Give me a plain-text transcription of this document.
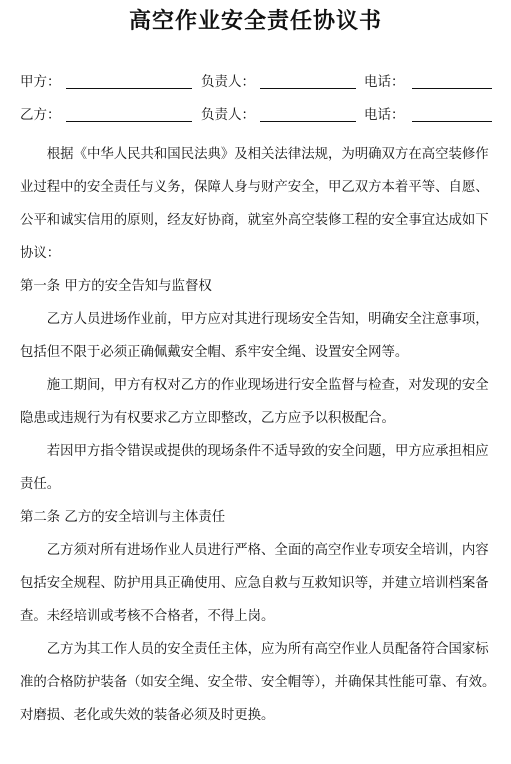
高空作业安全责任协议书
甲方：	负责人：	电话：
乙方：	负责人：	电话：

根据《中华人民共和国民法典》及相关法律法规，为明确双方在高空装修作业过程中的安全责任与义务，保障人身与财产安全，甲乙双方本着平等、自愿、公平和诚实信用的原则，经友好协商，就室外高空装修工程的安全事宜达成如下协议：

第一条 甲方的安全告知与监督权

乙方人员进场作业前，甲方应对其进行现场安全告知，明确安全注意事项，包括但不限于必须正确佩戴安全帽、系牢安全绳、设置安全网等。

施工期间，甲方有权对乙方的作业现场进行安全监督与检查，对发现的安全隐患或违规行为有权要求乙方立即整改，乙方应予以积极配合。

若因甲方指令错误或提供的现场条件不适导致的安全问题，甲方应承担相应责任。

第二条 乙方的安全培训与主体责任

乙方须对所有进场作业人员进行严格、全面的高空作业专项安全培训，内容包括安全规程、防护用具正确使用、应急自救与互救知识等，并建立培训档案备查。未经培训或考核不合格者，不得上岗。

乙方为其工作人员的安全责任主体，应为所有高空作业人员配备符合国家标准的合格防护装备（如安全绳、安全带、安全帽等），并确保其性能可靠、有效。对磨损、老化或失效的装备必须及时更换。
